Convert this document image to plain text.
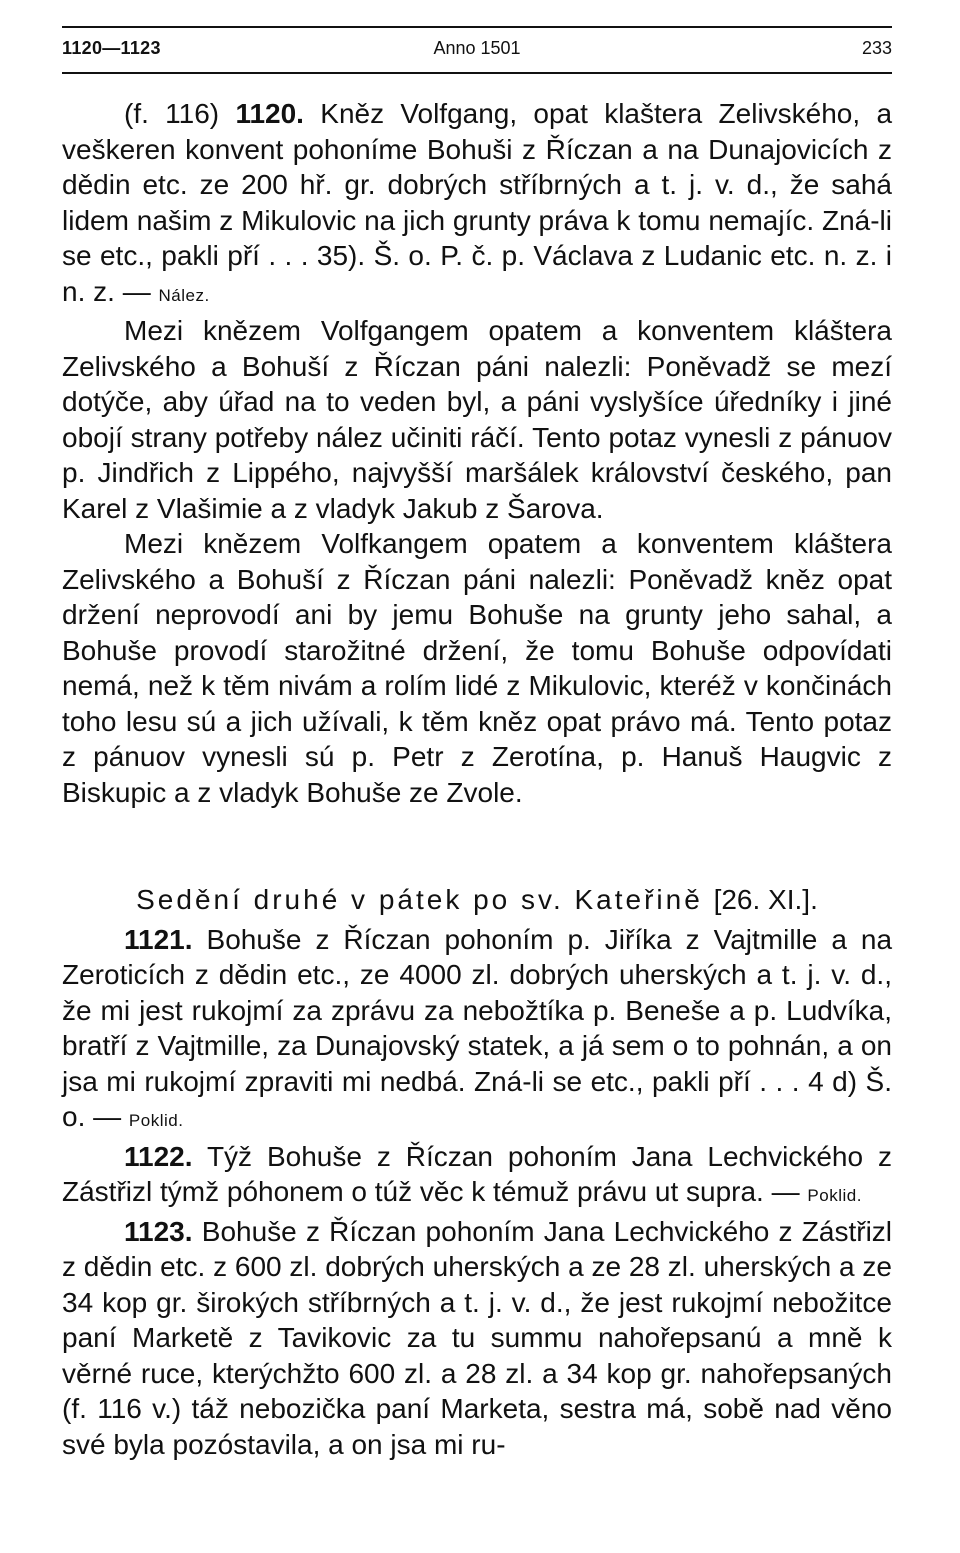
1120—1123	Anno 1501	233

(f. 116) 1120. Kněz Volfgang, opat klaštera Zelivského, a veškeren konvent pohoníme Bohuši z Říczan a na Dunajovicích z dědin etc. ze 200 hř. gr. dobrých stříbrných a t. j. v. d., že sahá lidem našim z Mikulovic na jich grunty práva k tomu nemajíc. Zná-li se etc., pakli pří . . . 35). Š. o. P. č. p. Václava z Ludanic etc. n. z. i n. z. — Nález.

Mezi knězem Volfgangem opatem a konventem kláštera Zelivského a Bohuší z Říczan páni nalezli: Poněvadž se mezí dotýče, aby úřad na to veden byl, a páni vyslyšíce úředníky i jiné obojí strany potřeby nález učiniti ráčí. Tento potaz vynesli z pánuov p. Jindřich z Lippého, najvyšší maršálek království českého, pan Karel z Vlašimie a z vladyk Jakub z Šarova.

Mezi knězem Volfkangem opatem a konventem kláštera Zelivského a Bohuší z Říczan páni nalezli: Poněvadž kněz opat držení neprovodí ani by jemu Bohuše na grunty jeho sahal, a Bohuše provodí starožitné držení, že tomu Bohuše odpovídati nemá, než k těm nivám a rolím lidé z Mikulovic, kteréž v končinách toho lesu sú a jich užívali, k těm kněz opat právo má. Tento potaz z pánuov vynesli sú p. Petr z Zerotína, p. Hanuš Haugvic z Biskupic a z vladyk Bohuše ze Zvole.

Sedění druhé v pátek po sv. Kateřině [26. XI.].

1121. Bohuše z Říczan pohoním p. Jiříka z Vajtmille a na Zeroticích z dědin etc., ze 4000 zl. dobrých uherských a t. j. v. d., že mi jest rukojmí za zprávu za nebožtíka p. Beneše a p. Ludvíka, bratří z Vajtmille, za Dunajovský statek, a já sem o to pohnán, a on jsa mi rukojmí zpraviti mi nedbá. Zná-li se etc., pakli pří . . . 4 d) Š. o. — Poklid.

1122. Týž Bohuše z Říczan pohoním Jana Lechvického z Zástřizl týmž póhonem o túž věc k témuž právu ut supra. — Poklid.

1123. Bohuše z Říczan pohoním Jana Lechvického z Zástřizl z dědin etc. z 600 zl. dobrých uherských a ze 28 zl. uherských a ze 34 kop gr. širokých stříbrných a t. j. v. d., že jest rukojmí nebožitce paní Marketě z Tavikovic za tu summu nahořepsanú a mně k věrné ruce, kterýchžto 600 zl. a 28 zl. a 34 kop gr. nahořepsaných (f. 116 v.) táž nebozička paní Marketa, sestra má, sobě nad věno své byla pozóstavila, a on jsa mi ru-
